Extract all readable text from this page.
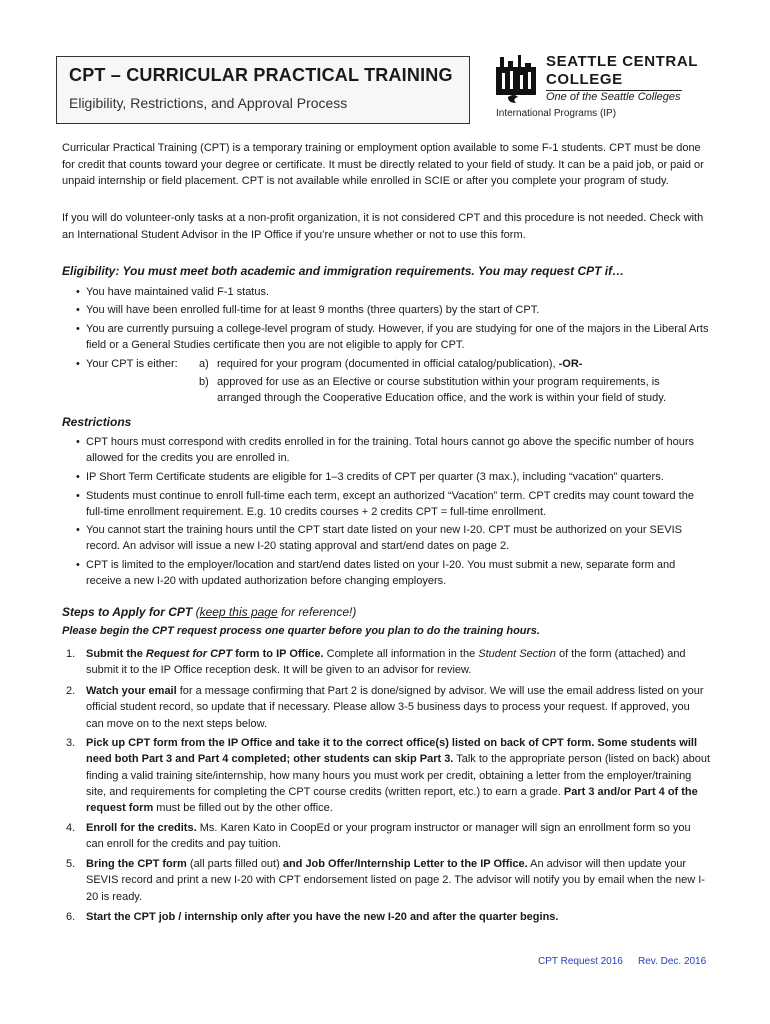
CPT – CURRICULAR PRACTICAL TRAINING
Eligibility, Restrictions, and Approval Process
SEATTLE CENTRAL
COLLEGE
One of the Seattle Colleges
International Programs (IP)

Curricular Practical Training (CPT) is a temporary training or employment option available to some F-1 students. CPT must be done for credit that counts toward your degree or certificate. It must be directly related to your field of study. It can be a paid job, or paid or unpaid internship or field placement. CPT is not available while enrolled in SCIE or after you complete your program of study.

If you will do volunteer-only tasks at a non-profit organization, it is not considered CPT and this procedure is not needed. Check with an International Student Advisor in the IP Office if you’re unsure whether or not to use this form.

Eligibility: You must meet both academic and immigration requirements. You may request CPT if…
• You have maintained valid F-1 status.
• You will have been enrolled full-time for at least 9 months (three quarters) by the start of CPT.
• You are currently pursuing a college-level program of study. However, if you are studying for one of the majors in the Liberal Arts field or a General Studies certificate then you are not eligible to apply for CPT.
• Your CPT is either:	a) required for your program (documented in official catalog/publication), -OR-
b) approved for use as an Elective or course substitution within your program requirements, is arranged through the Cooperative Education office, and the work is within your field of study.
Restrictions
• CPT hours must correspond with credits enrolled in for the training. Total hours cannot go above the specific number of hours allowed for the credits you are enrolled in.
• IP Short Term Certificate students are eligible for 1–3 credits of CPT per quarter (3 max.), including “vacation” quarters.
• Students must continue to enroll full-time each term, except an authorized “Vacation” term. CPT credits may count toward the full-time enrollment requirement. E.g. 10 credits courses + 2 credits CPT = full-time enrollment.
• You cannot start the training hours until the CPT start date listed on your new I-20. CPT must be authorized on your SEVIS record. An advisor will issue a new I-20 stating approval and start/end dates on page 2.
• CPT is limited to the employer/location and start/end dates listed on your I-20. You must submit a new, separate form and receive a new I-20 with updated authorization before changing employers.
Steps to Apply for CPT (keep this page for reference!)
Please begin the CPT request process one quarter before you plan to do the training hours.
1. Submit the Request for CPT form to IP Office. Complete all information in the Student Section of the form (attached) and submit it to the IP Office reception desk. It will be given to an advisor for review.
2. Watch your email for a message confirming that Part 2 is done/signed by advisor. We will use the email address listed on your official student record, so update that if necessary. Please allow 3-5 business days to process your request. If approved, you can move on to the next steps below.
3. Pick up CPT form from the IP Office and take it to the correct office(s) listed on back of CPT form. Some students will need both Part 3 and Part 4 completed; other students can skip Part 3. Talk to the appropriate person (listed on back) about finding a valid training site/internship, how many hours you must work per credit, obtaining a letter from the employer/training site, and requirements for completing the CPT course credits (written report, etc.) to earn a grade. Part 3 and/or Part 4 of the request form must be filled out by the other office.
4. Enroll for the credits. Ms. Karen Kato in CoopEd or your program instructor or manager will sign an enrollment form so you can enroll for the credits and pay tuition.
5. Bring the CPT form (all parts filled out) and Job Offer/Internship Letter to the IP Office. An advisor will then update your SEVIS record and print a new I-20 with CPT endorsement listed on page 2. The advisor will notify you by email when the new I-20 is ready.
6. Start the CPT job / internship only after you have the new I-20 and after the quarter begins.
CPT Request 2016 Rev. Dec. 2016
